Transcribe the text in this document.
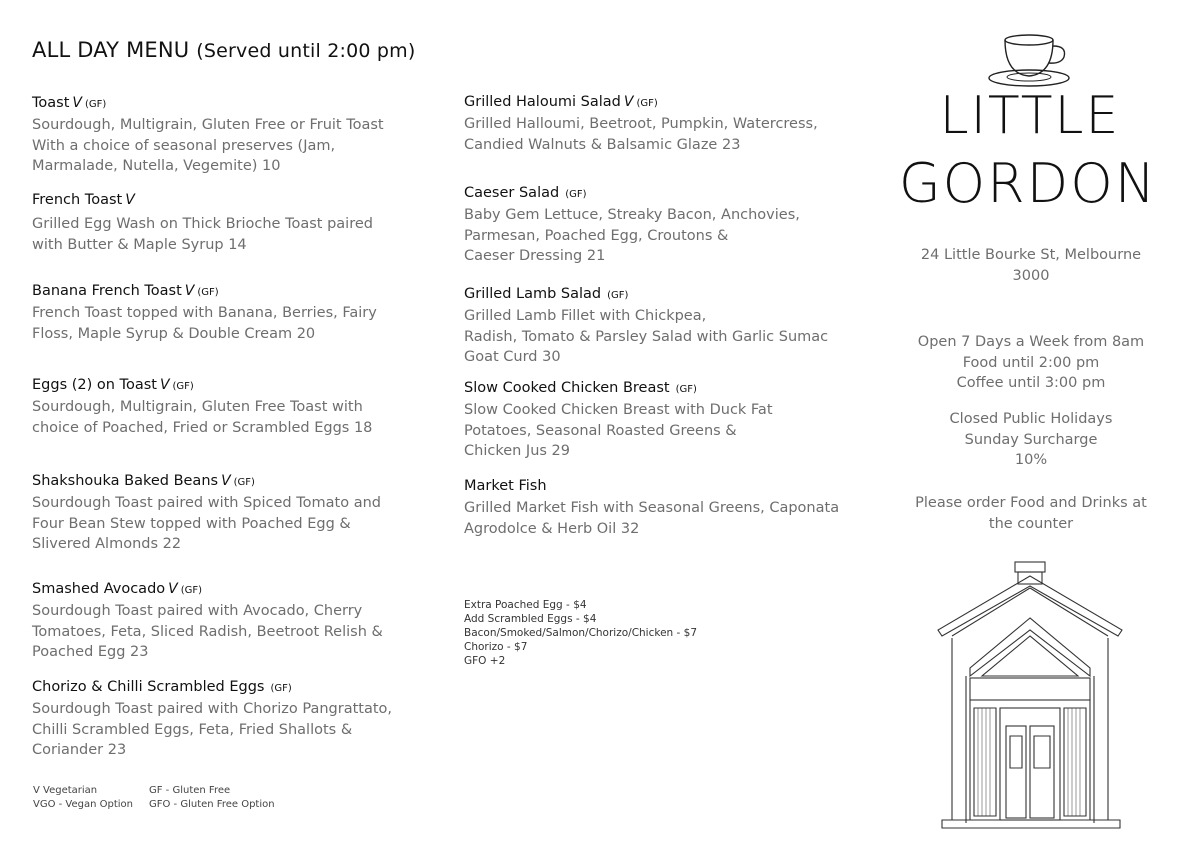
ALL DAY MENU (Served until 2:00 pm)
Toast V (GF)
Sourdough, Multigrain, Gluten Free or Fruit Toast
With a choice of seasonal preserves (Jam,
Marmalade, Nutella, Vegemite) 10
French Toast V
Grilled Egg Wash on Thick Brioche Toast paired
with Butter & Maple Syrup 14
Banana French Toast V (GF)
French Toast topped with Banana, Berries, Fairy
Floss, Maple Syrup & Double Cream 20
Eggs (2) on Toast V (GF)
Sourdough, Multigrain, Gluten Free Toast with
choice of Poached, Fried or Scrambled Eggs 18
Shakshouka Baked Beans V (GF)
Sourdough Toast paired with Spiced Tomato and
Four Bean Stew topped with Poached Egg &
Slivered Almonds 22
Smashed Avocado V (GF)
Sourdough Toast paired with Avocado, Cherry
Tomatoes, Feta, Sliced Radish, Beetroot Relish &
Poached Egg 23
Chorizo & Chilli Scrambled Eggs (GF)
Sourdough Toast paired with Chorizo Pangrattato,
Chilli Scrambled Eggs, Feta, Fried Shallots &
Coriander 23
Grilled Haloumi Salad V (GF)
Grilled Halloumi, Beetroot, Pumpkin, Watercress,
Candied Walnuts & Balsamic Glaze 23
Caeser Salad (GF)
Baby Gem Lettuce, Streaky Bacon, Anchovies,
Parmesan, Poached Egg, Croutons &
Caeser Dressing 21
Grilled Lamb Salad (GF)
Grilled Lamb Fillet with Chickpea,
Radish, Tomato & Parsley Salad with Garlic Sumac
Goat Curd 30
Slow Cooked Chicken Breast (GF)
Slow Cooked Chicken Breast with Duck Fat
Potatoes, Seasonal Roasted Greens &
Chicken Jus 29
Market Fish
Grilled Market Fish with Seasonal Greens, Caponata
Agrodolce & Herb Oil 32
Extra Poached Egg - $4
Add Scrambled Eggs - $4
Bacon/Smoked/Salmon/Chorizo/Chicken - $7
Chorizo - $7
GFO +2
V Vegetarian	GF - Gluten Free
VGO - Vegan Option	GFO - Gluten Free Option
LITTLE
GORDON
24 Little Bourke St, Melbourne
3000
Open 7 Days a Week from 8am
Food until 2:00 pm
Coffee until 3:00 pm
Closed Public Holidays
Sunday Surcharge
10%
Please order Food and Drinks at
the counter
